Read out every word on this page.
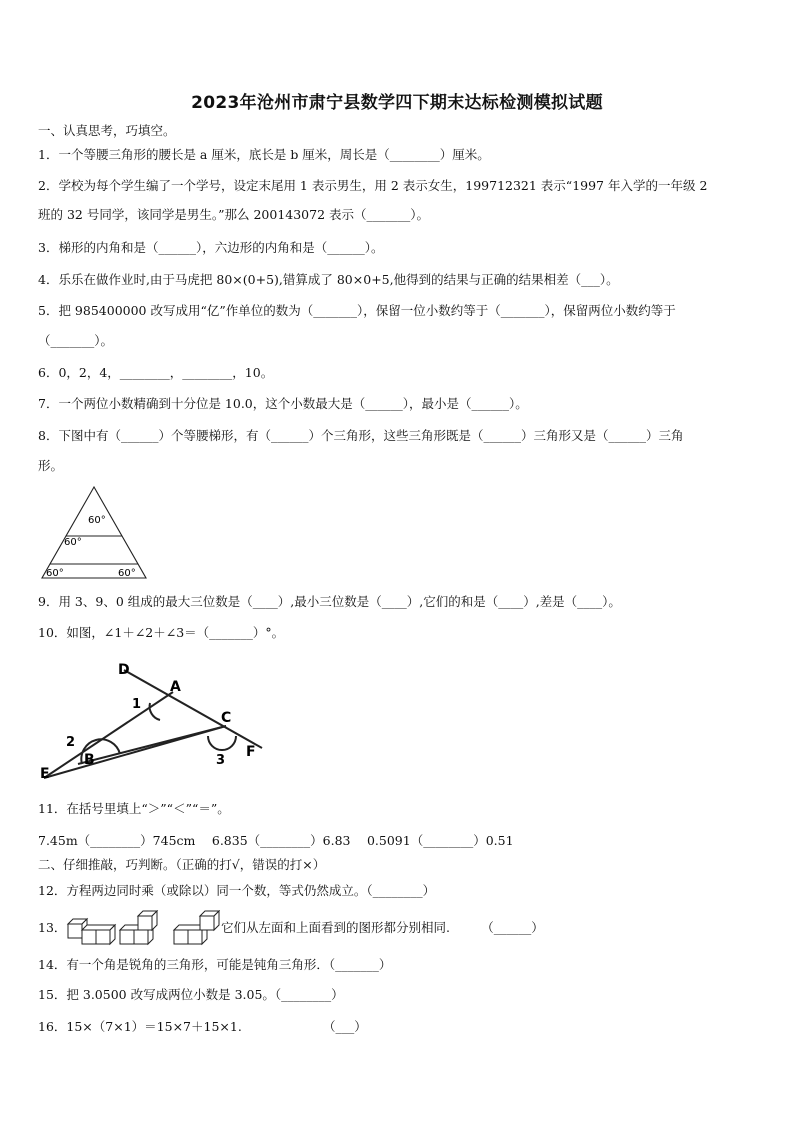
2023年沧州市肃宁县数学四下期末达标检测模拟试题
一、认真思考，巧填空。
1．一个等腰三角形的腰长是 a 厘米，底长是 b 厘米，周长是（________）厘米。
2．学校为每个学生编了一个学号，设定末尾用 1 表示男生，用 2 表示女生，199712321 表示“1997 年入学的一年级 2
班的 32 号同学，该同学是男生。”那么 200143072 表示（_______）。
3．梯形的内角和是（______），六边形的内角和是（______）。
4．乐乐在做作业时,由于马虎把 80×(0+5),错算成了 80×0+5,他得到的结果与正确的结果相差（___）。
5．把 985400000 改写成用“亿”作单位的数为（_______），保留一位小数约等于（_______），保留两位小数约等于
（_______）。
6．0，2，4，________，________，10。
7．一个两位小数精确到十分位是 10.0，这个小数最大是（______），最小是（______）。
8．下图中有（______）个等腰梯形，有（______）个三角形，这些三角形既是（______）三角形又是（______）三角
形。
60°
60°
60°	60°
9．用 3、9、0 组成的最大三位数是（____）,最小三位数是（____）,它们的和是（____）,差是（____）。
10．如图，∠1＋∠2＋∠3＝（_______）°。
D
A
C
F
E
B
1
2
3
11．在括号里填上“＞”“＜”“＝”。
7.45m（________）745cm　 6.835（________）6.83　 0.5091（________）0.51
二、仔细推敲，巧判断。（正确的打√，错误的打×）
12．方程两边同时乘（或除以）同一个数，等式仍然成立。（________）
13．	它们从左面和上面看到的图形都分别相同.　　　（______）
14．有一个角是锐角的三角形，可能是钝角三角形．（_______）
15．把 3.0500 改写成两位小数是 3.05。（________）
16．15×（7×1）＝15×7＋15×1.　　　　　　　（___）
